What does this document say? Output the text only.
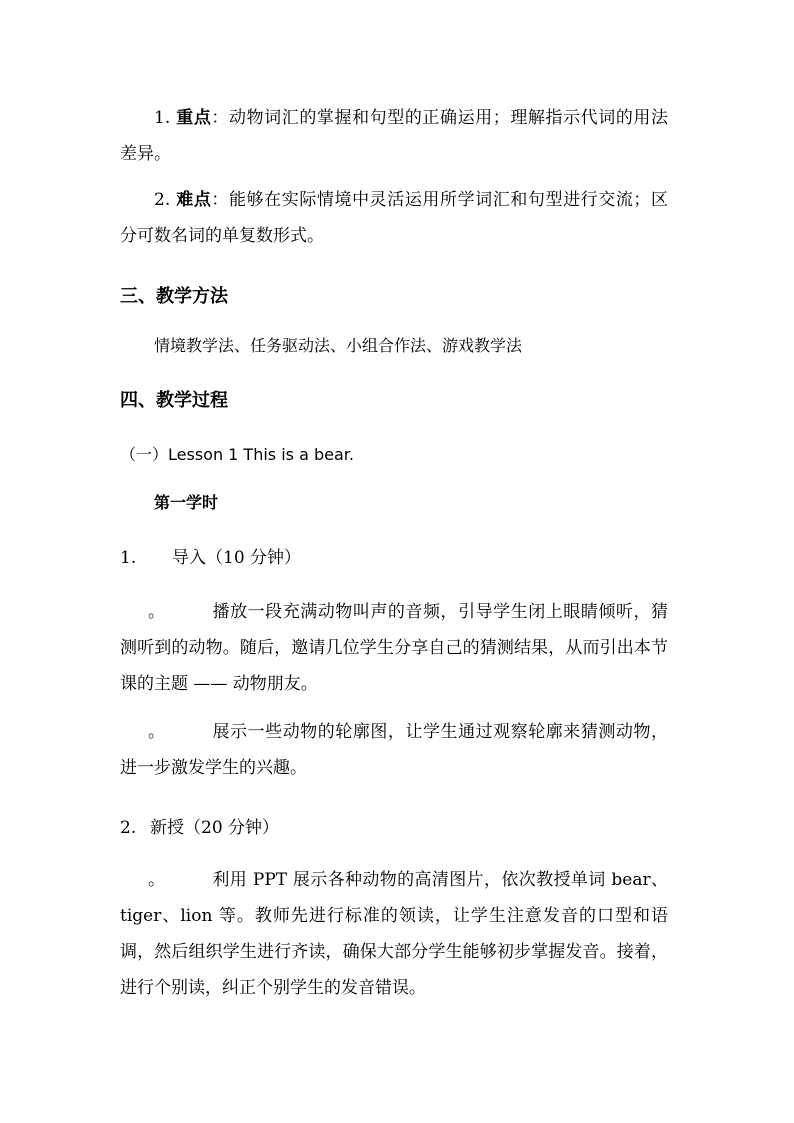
1. 重点：动物词汇的掌握和句型的正确运用；理解指示代词的用法差异。
2. 难点：能够在实际情境中灵活运用所学词汇和句型进行交流；区分可数名词的单复数形式。
三、教学方法
情境教学法、任务驱动法、小组合作法、游戏教学法
四、教学过程
（一）Lesson 1 This is a bear.
第一学时
1. 导入（10 分钟）
。	播放一段充满动物叫声的音频，引导学生闭上眼睛倾听，猜测听到的动物。随后，邀请几位学生分享自己的猜测结果，从而引出本节课的主题 —— 动物朋友。
。	展示一些动物的轮廓图，让学生通过观察轮廓来猜测动物，进一步激发学生的兴趣。
2. 新授（20 分钟）
。	利用 PPT 展示各种动物的高清图片，依次教授单词 bear、tiger、lion 等。教师先进行标准的领读，让学生注意发音的口型和语调，然后组织学生进行齐读，确保大部分学生能够初步掌握发音。接着，进行个别读，纠正个别学生的发音错误。
